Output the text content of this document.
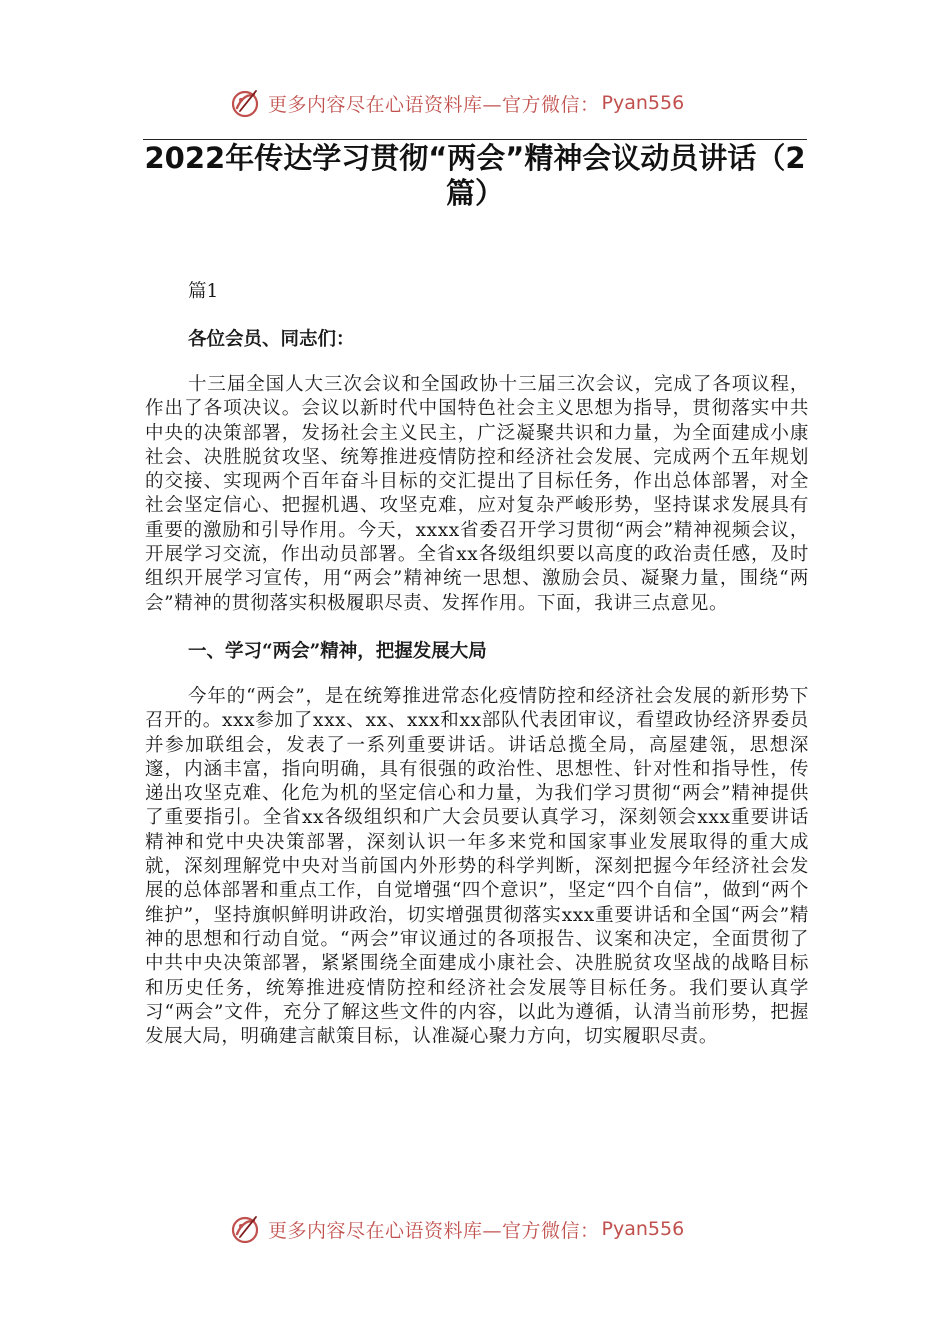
更多内容尽在心语资料库—官方微信： Pyan556
2022年传达学习贯彻“两会”精神会议动员讲话（2篇）

篇1

各位会员、同志们：

十三届全国人大三次会议和全国政协十三届三次会议，完成了各项议程，作出了各项决议。会议以新时代中国特色社会主义思想为指导，贯彻落实中共中央的决策部署，发扬社会主义民主，广泛凝聚共识和力量，为全面建成小康社会、决胜脱贫攻坚、统筹推进疫情防控和经济社会发展、完成两个五年规划的交接、实现两个百年奋斗目标的交汇提出了目标任务，作出总体部署，对全社会坚定信心、把握机遇、攻坚克难，应对复杂严峻形势，坚持谋求发展具有重要的激励和引导作用。今天，xxxx省委召开学习贯彻“两会”精神视频会议，开展学习交流，作出动员部署。全省xx各级组织要以高度的政治责任感，及时组织开展学习宣传，用“两会”精神统一思想、激励会员、凝聚力量，围绕“两会”精神的贯彻落实积极履职尽责、发挥作用。下面，我讲三点意见。

一、学习“两会”精神，把握发展大局

今年的“两会”，是在统筹推进常态化疫情防控和经济社会发展的新形势下召开的。xxx参加了xxx、xx、xxx和xx部队代表团审议，看望政协经济界委员并参加联组会，发表了一系列重要讲话。讲话总揽全局，高屋建瓴，思想深邃，内涵丰富，指向明确，具有很强的政治性、思想性、针对性和指导性，传递出攻坚克难、化危为机的坚定信心和力量，为我们学习贯彻“两会”精神提供了重要指引。全省xx各级组织和广大会员要认真学习，深刻领会xxx重要讲话精神和党中央决策部署，深刻认识一年多来党和国家事业发展取得的重大成就，深刻理解党中央对当前国内外形势的科学判断，深刻把握今年经济社会发展的总体部署和重点工作，自觉增强“四个意识”，坚定“四个自信”，做到“两个维护”，坚持旗帜鲜明讲政治，切实增强贯彻落实xxx重要讲话和全国“两会”精神的思想和行动自觉。“两会”审议通过的各项报告、议案和决定，全面贯彻了中共中央决策部署，紧紧围绕全面建成小康社会、决胜脱贫攻坚战的战略目标和历史任务，统筹推进疫情防控和经济社会发展等目标任务。我们要认真学习“两会”文件，充分了解这些文件的内容，以此为遵循，认清当前形势，把握发展大局，明确建言献策目标，认准凝心聚力方向，切实履职尽责。

更多内容尽在心语资料库—官方微信： Pyan556
